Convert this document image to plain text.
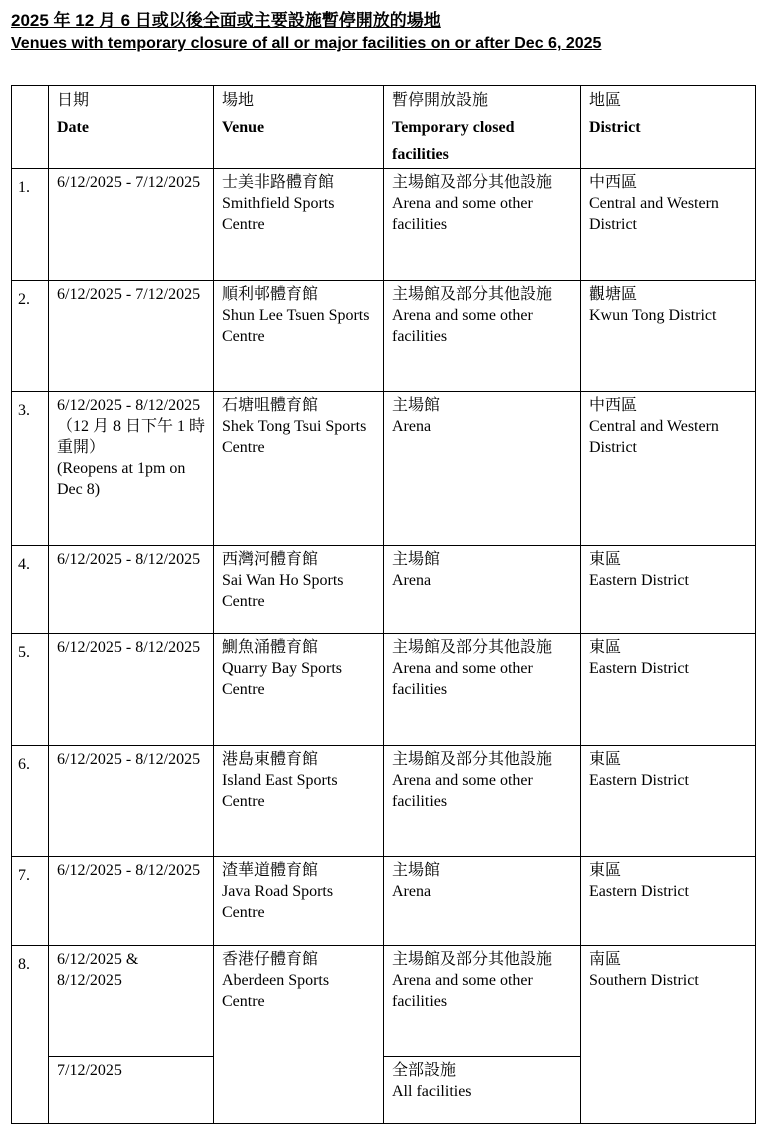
2025 年 12 月 6 日或以後全面或主要設施暫停開放的場地
Venues with temporary closure of all or major facilities on or after Dec 6, 2025

	日期
Date	場地
Venue	暫停開放設施
Temporary closed facilities	地區
District

1.	6/12/2025 - 7/12/2025	士美非路體育館
Smithfield Sports Centre	主場館及部分其他設施
Arena and some other facilities	中西區
Central and Western District

2.	6/12/2025 - 7/12/2025	順利邨體育館
Shun Lee Tsuen Sports Centre	主場館及部分其他設施
Arena and some other facilities	觀塘區
Kwun Tong District

3.	6/12/2025 - 8/12/2025
（12 月 8 日下午 1 時重開）
(Reopens at 1pm on Dec 8)	石塘咀體育館
Shek Tong Tsui Sports Centre	主場館
Arena	中西區
Central and Western District

4.	6/12/2025 - 8/12/2025	西灣河體育館
Sai Wan Ho Sports Centre	主場館
Arena	東區
Eastern District

5.	6/12/2025 - 8/12/2025	鰂魚涌體育館
Quarry Bay Sports Centre	主場館及部分其他設施
Arena and some other facilities	東區
Eastern District

6.	6/12/2025 - 8/12/2025	港島東體育館
Island East Sports Centre	主場館及部分其他設施
Arena and some other facilities	東區
Eastern District

7.	6/12/2025 - 8/12/2025	渣華道體育館
Java Road Sports Centre	主場館
Arena	東區
Eastern District

8.	6/12/2025 & 8/12/2025	香港仔體育館
Aberdeen Sports Centre	主場館及部分其他設施
Arena and some other facilities	南區
Southern District

	7/12/2025		全部設施
All facilities	
